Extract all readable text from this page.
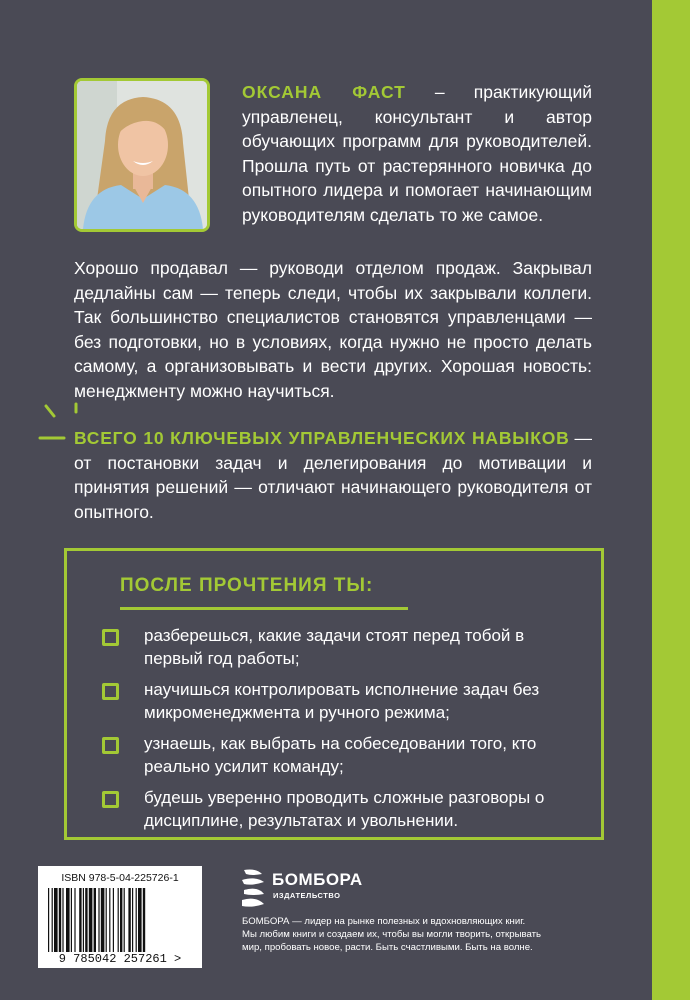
ОКСАНА ФАСТ – практикующий управленец, консультант и автор обучающих программ для руководителей. Прошла путь от растерянного новичка до опытного лидера и помогает начинающим руководителям сделать то же самое.
Хорошо продавал — руководи отделом продаж. Закрывал дедлайны сам — теперь следи, чтобы их закрывали коллеги. Так большинство специалистов становятся управленцами — без подготовки, но в условиях, когда нужно не просто делать самому, а организовывать и вести других. Хорошая новость: менеджменту можно научиться.
ВСЕГО 10 КЛЮЧЕВЫХ УПРАВЛЕНЧЕСКИХ НАВЫКОВ — от постановки задач и делегирования до мотивации и принятия решений — отличают начинающего руководителя от опытного.
ПОСЛЕ ПРОЧТЕНИЯ ТЫ:
разберешься, какие задачи стоят перед тобой в первый год работы;
научишься контролировать исполнение задач без микроменеджмента и ручного режима;
узнаешь, как выбрать на собеседовании того, кто реально усилит команду;
будешь уверенно проводить сложные разговоры о дисциплине, результатах и увольнении.
ISBN 978-5-04-225726-1
9 785042 257261 >
БОМБОРА
ИЗДАТЕЛЬСТВО
БОМБОРА — лидер на рынке полезных и вдохновляющих книг. Мы любим книги и создаем их, чтобы вы могли творить, открывать мир, пробовать новое, расти. Быть счастливыми. Быть на волне.
